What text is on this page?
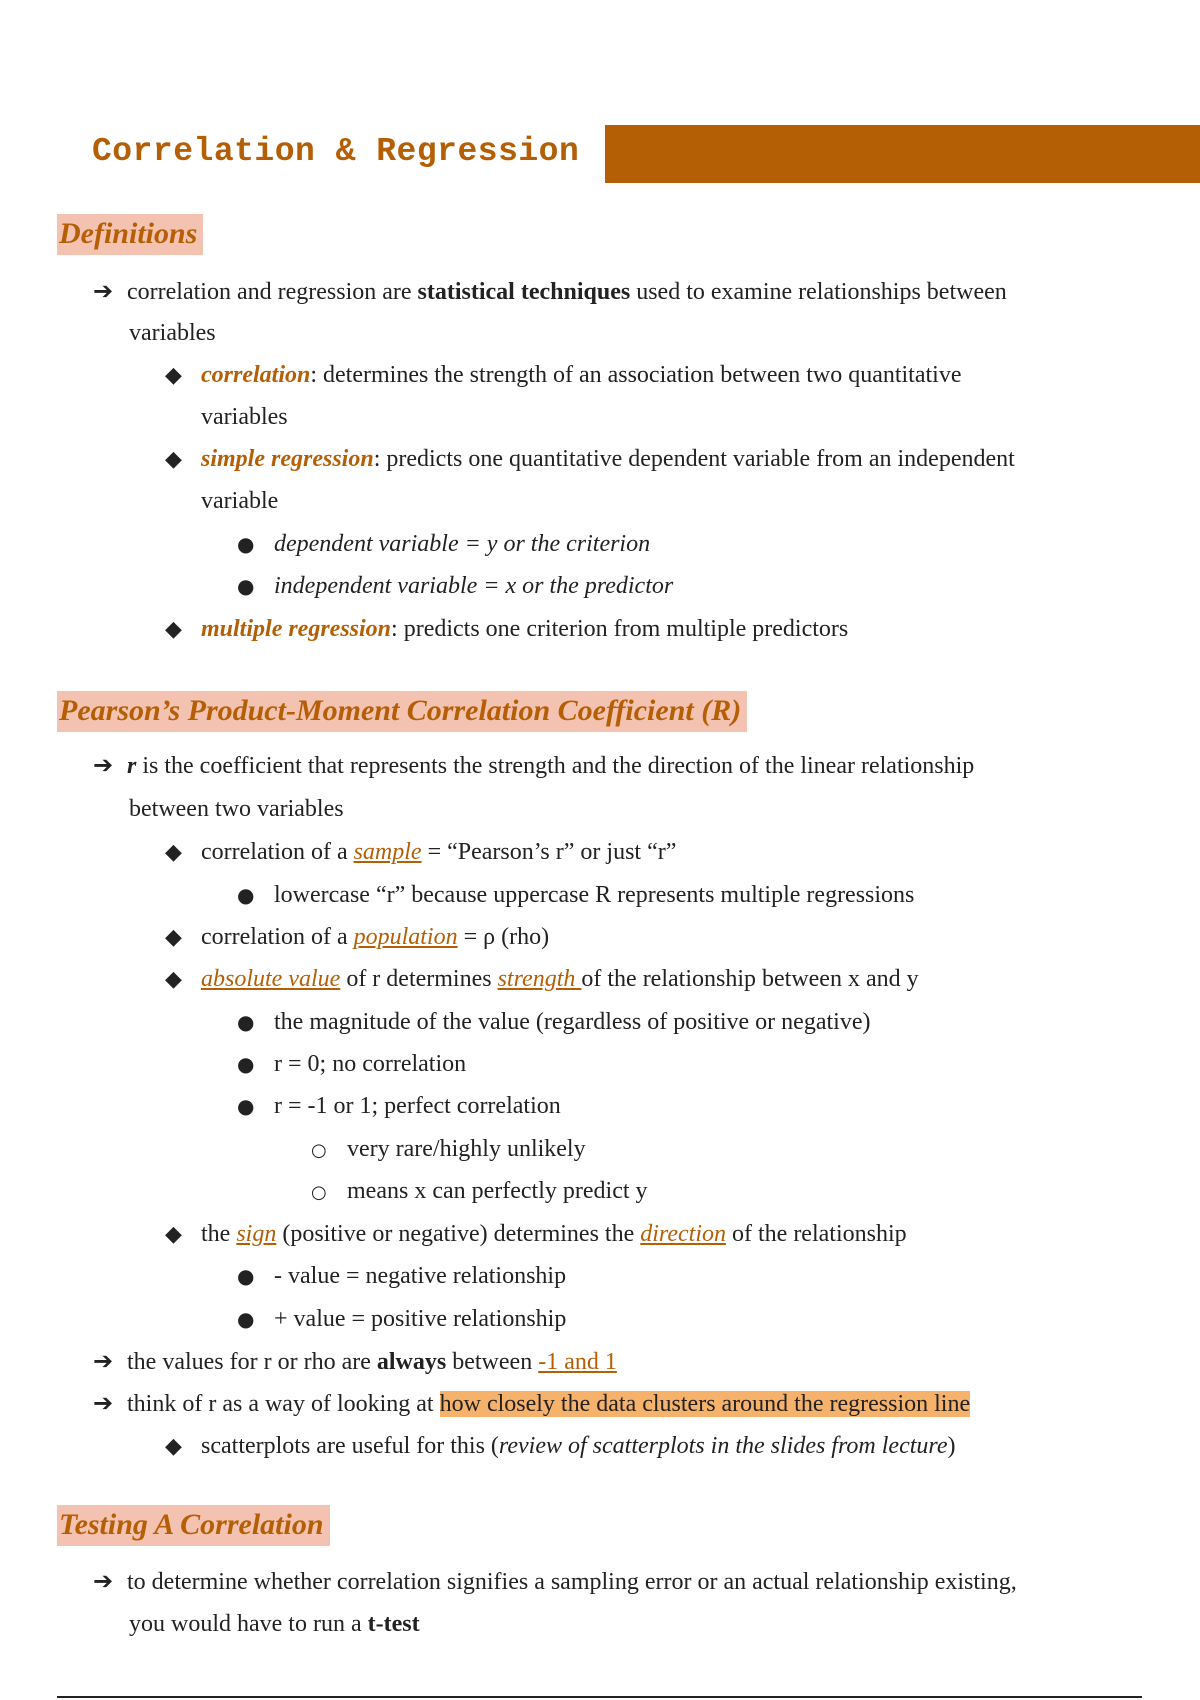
Correlation & Regression
Definitions
➔ correlation and regression are statistical techniques used to examine relationships between
variables
◆ correlation: determines the strength of an association between two quantitative
variables
◆ simple regression: predicts one quantitative dependent variable from an independent
variable
● dependent variable = y or the criterion
● independent variable = x or the predictor
◆ multiple regression: predicts one criterion from multiple predictors
Pearson’s Product-Moment Correlation Coefficient (R)
➔ r is the coefficient that represents the strength and the direction of the linear relationship
between two variables
◆ correlation of a sample = “Pearson’s r” or just “r”
● lowercase “r” because uppercase R represents multiple regressions
◆ correlation of a population = ρ (rho)
◆ absolute value of r determines strength of the relationship between x and y
● the magnitude of the value (regardless of positive or negative)
● r = 0; no correlation
● r = -1 or 1; perfect correlation
○ very rare/highly unlikely
○ means x can perfectly predict y
◆ the sign (positive or negative) determines the direction of the relationship
● - value = negative relationship
● + value = positive relationship
➔ the values for r or rho are always between -1 and 1
➔ think of r as a way of looking at how closely the data clusters around the regression line
◆ scatterplots are useful for this (review of scatterplots in the slides from lecture)
Testing A Correlation
➔ to determine whether correlation signifies a sampling error or an actual relationship existing,
you would have to run a t-test
